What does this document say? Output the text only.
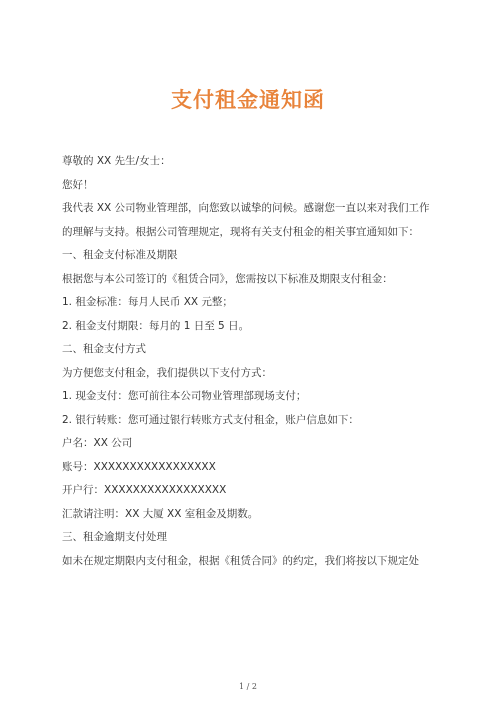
支付租金通知函
尊敬的 XX 先生/女士：
您好！
我代表 XX 公司物业管理部，向您致以诚挚的问候。感谢您一直以来对我们工作的理解与支持。根据公司管理规定，现将有关支付租金的相关事宜通知如下：
一、租金支付标准及期限
根据您与本公司签订的《租赁合同》，您需按以下标准及期限支付租金：
1. 租金标准：每月人民币 XX 元整；
2. 租金支付期限：每月的 1 日至 5 日。
二、租金支付方式
为方便您支付租金，我们提供以下支付方式：
1. 现金支付：您可前往本公司物业管理部现场支付；
2. 银行转账：您可通过银行转账方式支付租金，账户信息如下：
户名：XX 公司
账号：XXXXXXXXXXXXXXXXX
开户行：XXXXXXXXXXXXXXXXX
汇款请注明：XX 大厦 XX 室租金及期数。
三、租金逾期支付处理
如未在规定期限内支付租金，根据《租赁合同》的约定，我们将按以下规定处
1 / 2
